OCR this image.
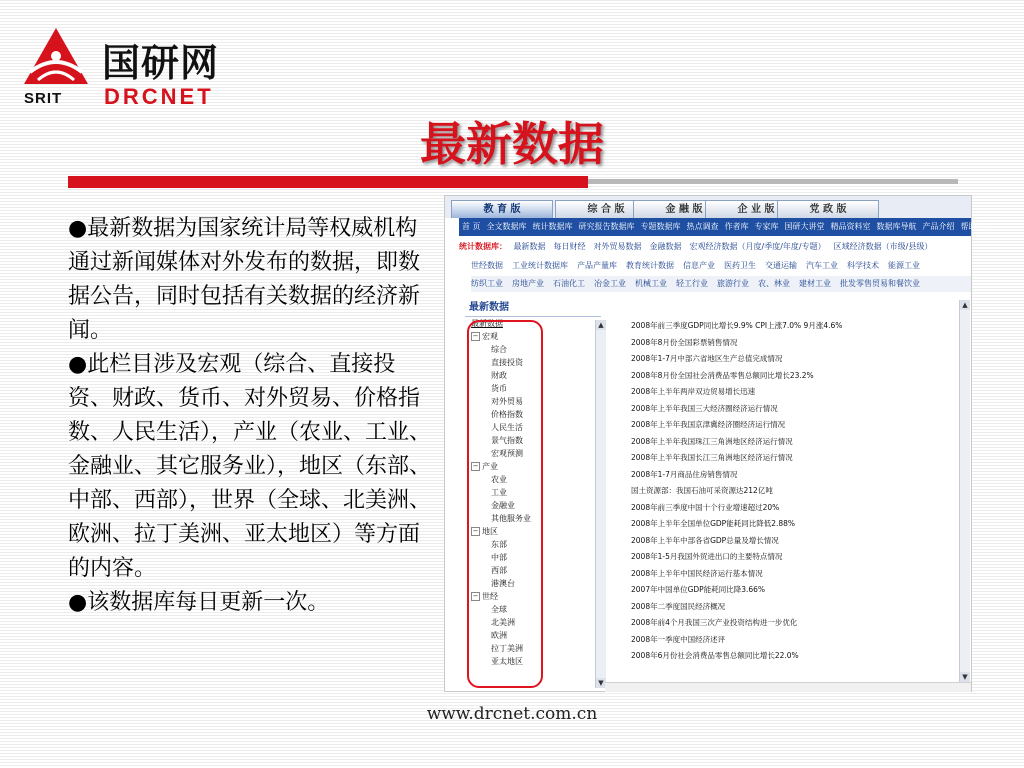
国研网
SRIT DRCNET
最新数据

●最新数据为国家统计局等权威机构通过新闻媒体对外发布的数据，即数据公告，同时包括有关数据的经济新闻。

●此栏目涉及宏观（综合、直接投资、财政、货币、对外贸易、价格指数、人民生活），产业（农业、工业、金融业、其它服务业），地区（东部、中部、西部），世界（全球、北美洲、欧洲、拉丁美洲、亚太地区）等方面的内容。

●该数据库每日更新一次。

教 育 版	综 合 版	金 融 版	企 业 版	党 政 版
首 页 全文数据库 统计数据库 研究报告数据库 专题数据库 热点调查 作者库 专家库 国研大讲堂 精品资料室 数据库导航 产品介绍 帮助中心
统计数据库： 最新数据 每日财经 对外贸易数据 金融数据 宏观经济数据（月度/季度/年度/专题） 区域经济数据（市级/县级）
世经数据 工业统计数据库 产品产量库 教育统计数据 信息产业 医药卫生 交通运输 汽车工业 科学技术 能源工业
纺织工业 房地产业 石油化工 冶金工业 机械工业 轻工行业 旅游行业 农、林业 建材工业 批发零售贸易和餐饮业
最新数据
最新数据
− 宏观
综合
直接投资
财政
货币
对外贸易
价格指数
人民生活
景气指数
宏观预测
− 产业
农业
工业
金融业
其他服务业
− 地区
东部
中部
西部
港澳台
− 世经
全球
北美洲
欧洲
拉丁美洲
亚太地区
▲
▼
2008年前三季度GDP同比增长9.9% CPI上涨7.0% 9月涨4.6%
2008年8月份全国彩票销售情况
2008年1-7月中部六省地区生产总值完成情况
2008年8月份全国社会消费品零售总额同比增长23.2%
2008年上半年两岸双边贸易增长迅速
2008年上半年我国三大经济圈经济运行情况
2008年上半年我国京津冀经济圈经济运行情况
2008年上半年我国珠江三角洲地区经济运行情况
2008年上半年我国长江三角洲地区经济运行情况
2008年1-7月商品住房销售情况
国土资源部：我国石油可采资源达212亿吨
2008年前三季度中国十个行业增速超过20%
2008年上半年全国单位GDP能耗同比降低2.88%
2008年上半年中部各省GDP总量及增长情况
2008年1-5月我国外贸进出口的主要特点情况
2008年上半年中国民经济运行基本情况
2007年中国单位GDP能耗同比降3.66%
2008年二季度国民经济概况
2008年前4个月我国三次产业投资结构进一步优化
2008年一季度中国经济述评
2008年6月份社会消费品零售总额同比增长22.0%
▲
▼
www.drcnet.com.cn
